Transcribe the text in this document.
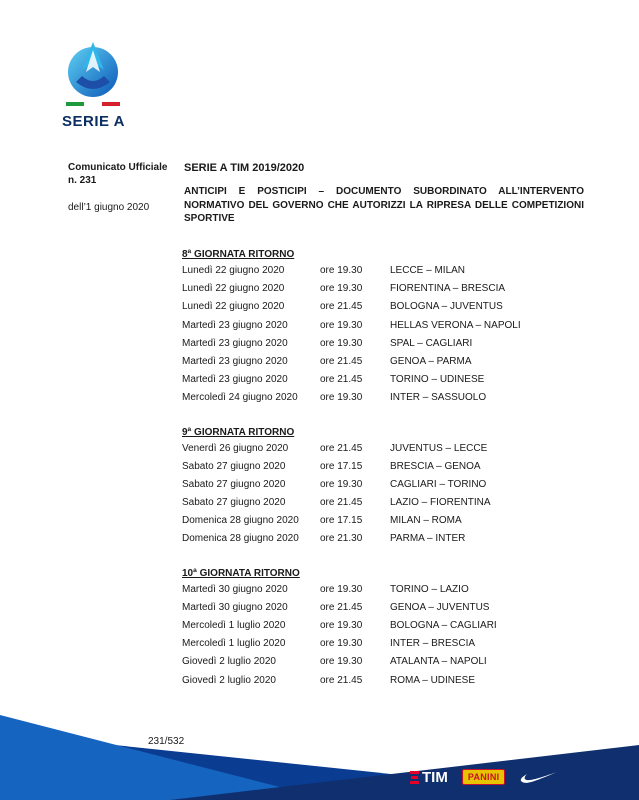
SERIE A
Comunicato Ufficiale
n. 231
dell’1 giugno 2020
SERIE A TIM 2019/2020
ANTICIPI E POSTICIPI – DOCUMENTO SUBORDINATO ALL’INTERVENTO NORMATIVO DEL GOVERNO CHE AUTORIZZI LA RIPRESA DELLE COMPETIZIONI SPORTIVE
8ª GIORNATA RITORNO
Lunedì 22 giugno 2020	ore 19.30	LECCE – MILAN
Lunedì 22 giugno 2020	ore 19.30	FIORENTINA – BRESCIA
Lunedì 22 giugno 2020	ore 21.45	BOLOGNA – JUVENTUS
Martedì 23 giugno 2020	ore 19.30	HELLAS VERONA – NAPOLI
Martedì 23 giugno 2020	ore 19.30	SPAL – CAGLIARI
Martedì 23 giugno 2020	ore 21.45	GENOA – PARMA
Martedì 23 giugno 2020	ore 21.45	TORINO – UDINESE
Mercoledì 24 giugno 2020 ore 19.30	INTER – SASSUOLO
9ª GIORNATA RITORNO
Venerdì 26 giugno 2020	ore 21.45	JUVENTUS – LECCE
Sabato 27 giugno 2020	ore 17.15	BRESCIA – GENOA
Sabato 27 giugno 2020	ore 19.30	CAGLIARI – TORINO
Sabato 27 giugno 2020	ore 21.45	LAZIO – FIORENTINA
Domenica 28 giugno 2020 ore 17.15	MILAN – ROMA
Domenica 28 giugno 2020 ore 21.30	PARMA – INTER
10ª GIORNATA RITORNO
Martedì 30 giugno 2020	ore 19.30	TORINO – LAZIO
Martedì 30 giugno 2020	ore 21.45	GENOA – JUVENTUS
Mercoledì 1 luglio 2020	ore 19.30	BOLOGNA – CAGLIARI
Mercoledì 1 luglio 2020	ore 19.30	INTER – BRESCIA
Giovedì 2 luglio 2020	ore 19.30	ATALANTA – NAPOLI
Giovedì 2 luglio 2020	ore 21.45	ROMA – UDINESE
231/532
TIM	PANINI
